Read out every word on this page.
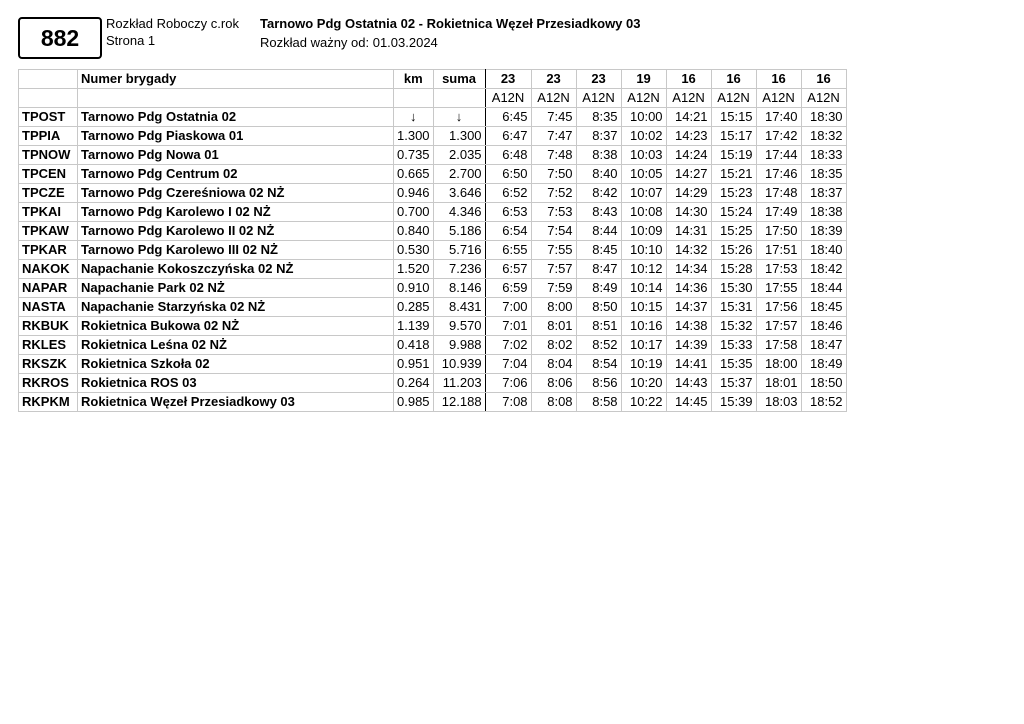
882
Rozkład Roboczy c.rok
Strona 1
Tarnowo Pdg Ostatnia 02 - Rokietnica Węzeł Przesiadkowy 03
Rozkład ważny od: 01.03.2024
	Numer brygady	km	suma	23	23	23	19	16	16	16	16
				A12N	A12N	A12N	A12N	A12N	A12N	A12N	A12N
TPOST	Tarnowo Pdg Ostatnia 02	↓	↓	6:45	7:45	8:35	10:00	14:21	15:15	17:40	18:30
TPPIA	Tarnowo Pdg Piaskowa 01	1.300	1.300	6:47	7:47	8:37	10:02	14:23	15:17	17:42	18:32
TPNOW	Tarnowo Pdg Nowa 01	0.735	2.035	6:48	7:48	8:38	10:03	14:24	15:19	17:44	18:33
TPCEN	Tarnowo Pdg Centrum 02	0.665	2.700	6:50	7:50	8:40	10:05	14:27	15:21	17:46	18:35
TPCZE	Tarnowo Pdg Czereśniowa 02 NŻ	0.946	3.646	6:52	7:52	8:42	10:07	14:29	15:23	17:48	18:37
TPKAI	Tarnowo Pdg Karolewo I 02 NŻ	0.700	4.346	6:53	7:53	8:43	10:08	14:30	15:24	17:49	18:38
TPKAW	Tarnowo Pdg Karolewo II 02 NŻ	0.840	5.186	6:54	7:54	8:44	10:09	14:31	15:25	17:50	18:39
TPKAR	Tarnowo Pdg Karolewo III 02 NŻ	0.530	5.716	6:55	7:55	8:45	10:10	14:32	15:26	17:51	18:40
NAKOK	Napachanie Kokoszczyńska 02 NŻ	1.520	7.236	6:57	7:57	8:47	10:12	14:34	15:28	17:53	18:42
NAPAR	Napachanie Park 02 NŻ	0.910	8.146	6:59	7:59	8:49	10:14	14:36	15:30	17:55	18:44
NASTA	Napachanie Starzyńska 02 NŻ	0.285	8.431	7:00	8:00	8:50	10:15	14:37	15:31	17:56	18:45
RKBUK	Rokietnica Bukowa 02 NŻ	1.139	9.570	7:01	8:01	8:51	10:16	14:38	15:32	17:57	18:46
RKLES	Rokietnica Leśna 02 NŻ	0.418	9.988	7:02	8:02	8:52	10:17	14:39	15:33	17:58	18:47
RKSZK	Rokietnica Szkoła 02	0.951	10.939	7:04	8:04	8:54	10:19	14:41	15:35	18:00	18:49
RKROS	Rokietnica ROS 03	0.264	11.203	7:06	8:06	8:56	10:20	14:43	15:37	18:01	18:50
RKPKM	Rokietnica Węzeł Przesiadkowy 03	0.985	12.188	7:08	8:08	8:58	10:22	14:45	15:39	18:03	18:52
